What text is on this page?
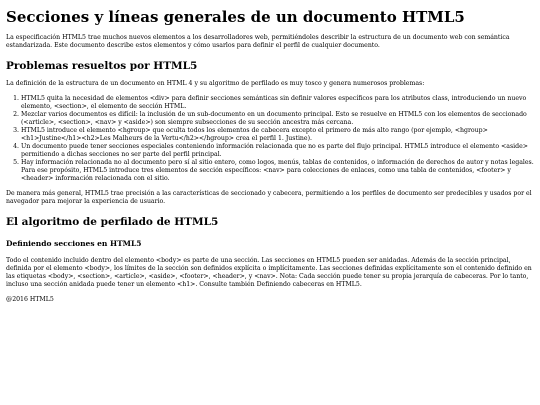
Secciones y líneas generales de un documento HTML5

La especificación HTML5 trae muchos nuevos elementos a los desarrolladores web, permitiéndoles describir la estructura de un documento web con semántica estandarizada. Este documento describe estos elementos y cómo usarlos para definir el perfil de cualquier documento.

Problemas resueltos por HTML5

La definición de la estructura de un documento en HTML 4 y su algoritmo de perfilado es muy tosco y genera numerosos problemas:

1. HTML5 quita la necesidad de elementos <div> para definir secciones semánticas sin definir valores específicos para los atributos class, introduciendo un nuevo elemento, <section>, el elemento de sección HTML.
2. Mezclar varios documentos es difícil: la inclusión de un sub-documento en un documento principal. Esto se resuelve en HTML5 con los elementos de seccionado (<article>, <section>, <nav> y <aside>) son siempre subsecciones de su sección ancestra más cercana.
3. HTML5 introduce el elemento <hgroup> que oculta todos los elementos de cabecera excepto el primero de más alto rango (por ejemplo, <hgroup><h1>Justine</h1><h2>Les Malheurs de la Vertu</h2></hgroup> crea el perfil 1. Justine).
4. Un documento puede tener secciones especiales conteniendo información relacionada que no es parte del flujo principal. HTML5 introduce el elemento <aside> permitiendo a dichas secciones no ser parte del perfil principal.
5. Hay información relacionada no al documento pero sí al sitio entero, como logos, menús, tablas de contenidos, o información de derechos de autor y notas legales. Para ese propósito, HTML5 introduce tres elementos de sección específicos: <nav> para colecciones de enlaces, como una tabla de contenidos, <footer> y <header> información relacionada con el sitio.

De manera más general, HTML5 trae precisión a las características de seccionado y cabecera, permitiendo a los perfiles de documento ser predecibles y usados por el navegador para mejorar la experiencia de usuario.

El algoritmo de perfilado de HTML5
Definiendo secciones en HTML5

Todo el contenido incluido dentro del elemento <body> es parte de una sección. Las secciones en HTML5 pueden ser anidadas. Además de la sección principal, definida por el elemento <body>, los límites de la sección son definidos explícita o implícitamente. Las secciones definidas explícitamente son el contenido definido en las etiquetas <body>, <section>, <article>, <aside>, <footer>, <header>, y <nav>. Nota: Cada sección puede tener su propia jerarquía de cabeceras. Por lo tanto, incluso una sección anidada puede tener un elemento <h1>. Consulte también Definiendo cabeceras en HTML5.

@2016 HTML5
